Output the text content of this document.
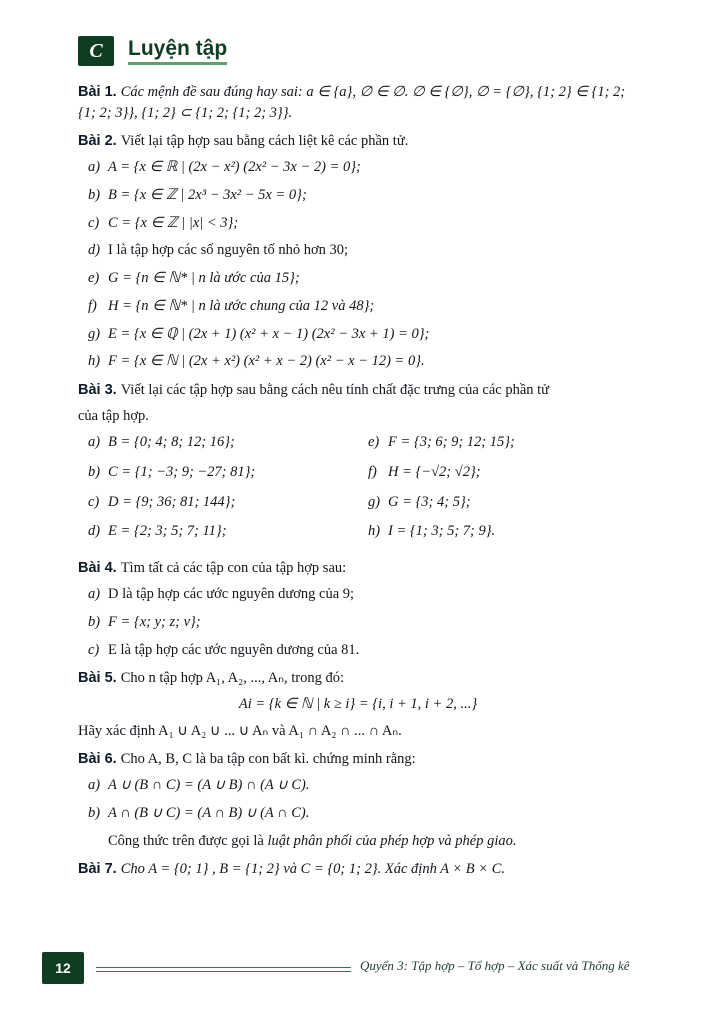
C	Luyện tập

Bài 1. Các mệnh đề sau đúng hay sai: a ∈ {a}, ∅ ∈ ∅. ∅ ∈ {∅}, ∅ = {∅}, {1; 2} ∈ {1; 2; {1; 2; 3}}, {1; 2} ⊂ {1; 2; {1; 2; 3}}.

Bài 2. Viết lại tập hợp sau bằng cách liệt kê các phần tử.

a) A = {x ∈ ℝ | (2x − x²) (2x² − 3x − 2) = 0};
b) B = {x ∈ ℤ | 2x³ − 3x² − 5x = 0};
c) C = {x ∈ ℤ | |x| < 3};
d) I là tập hợp các số nguyên tố nhỏ hơn 30;
e) G = {n ∈ ℕ* | n là ước của 15};
f) H = {n ∈ ℕ* | n là ước chung của 12 và 48};
g) E = {x ∈ ℚ | (2x + 1) (x² + x − 1) (2x² − 3x + 1) = 0};
h) F = {x ∈ ℕ | (2x + x²) (x² + x − 2) (x² − x − 12) = 0}.

Bài 3. Viết lại các tập hợp sau bằng cách nêu tính chất đặc trưng của các phần tử

của tập hợp.

a) B = {0; 4; 8; 12; 16};
b) C = {1; −3; 9; −27; 81};
c) D = {9; 36; 81; 144};
d) E = {2; 3; 5; 7; 11};
e) F = {3; 6; 9; 12; 15};
f) H = {−√2; √2};
g) G = {3; 4; 5};
h) I = {1; 3; 5; 7; 9}.

Bài 4. Tìm tất cả các tập con của tập hợp sau:

a) D là tập hợp các ước nguyên dương của 9;
b) F = {x; y; z; v};
c) E là tập hợp các ước nguyên dương của 81.

Bài 5. Cho n tập hợp A₁, A₂, ..., Aₙ, trong đó:

Ai = {k ∈ ℕ | k ≥ i} = {i, i + 1, i + 2, ...}

Hãy xác định A₁ ∪ A₂ ∪ ... ∪ Aₙ và A₁ ∩ A₂ ∩ ... ∩ Aₙ.

Bài 6. Cho A, B, C là ba tập con bất kì. chứng minh rằng:

a) A ∪ (B ∩ C) = (A ∪ B) ∩ (A ∪ C).
b) A ∩ (B ∪ C) = (A ∩ B) ∪ (A ∩ C).
Công thức trên được gọi là luật phân phối của phép hợp và phép giao.

Bài 7. Cho A = {0; 1} , B = {1; 2} và C = {0; 1; 2}. Xác định A × B × C.

12	Quyển 3: Tập hợp – Tổ hợp – Xác suất và Thống kê
